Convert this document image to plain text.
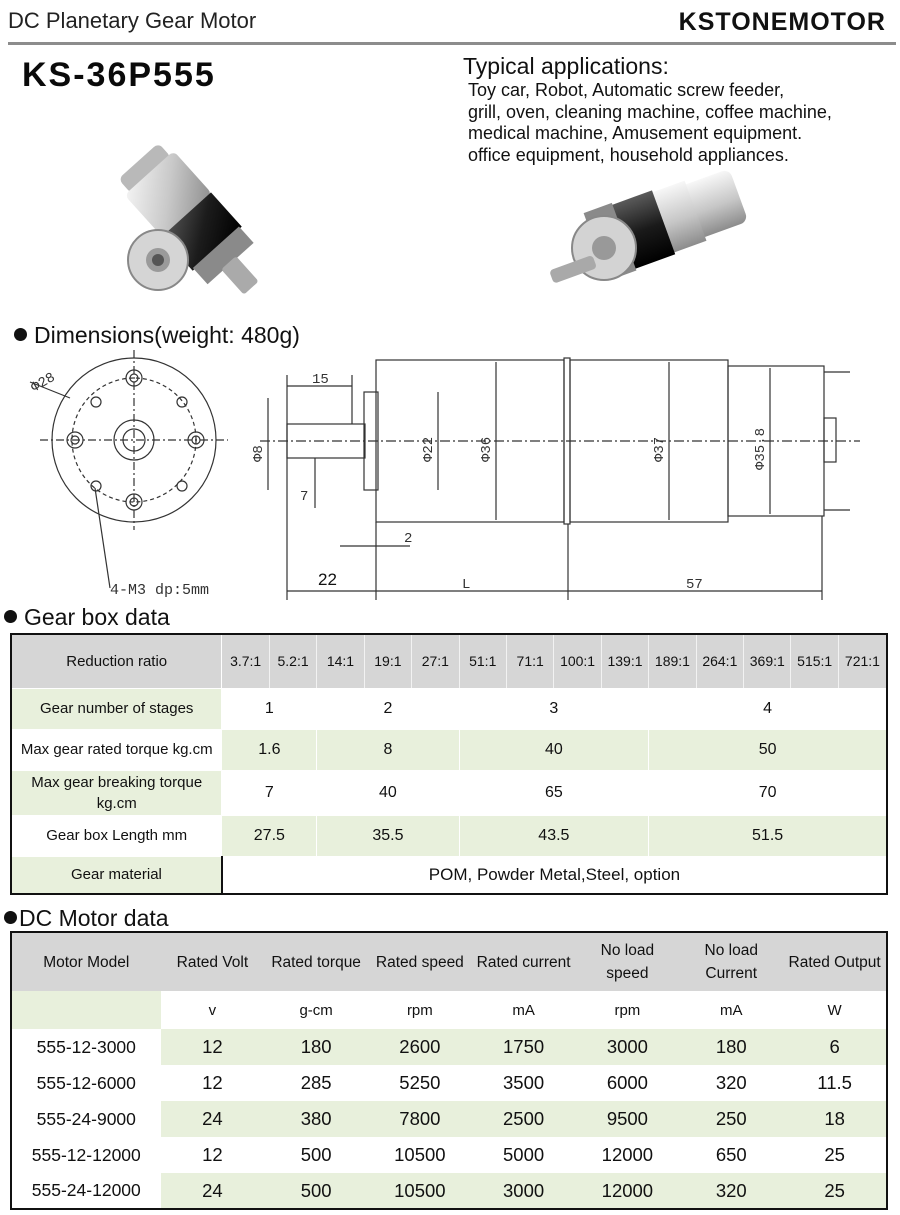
DC Planetary Gear Motor	KSTONEMOTOR
KS-36P555	Typical applications:
Toy car, Robot, Automatic screw feeder,
grill, oven, cleaning machine, coffee machine,
medical machine, Amusement equipment.
office equipment, household appliances.
Dimensions(weight: 480g)
Φ28
4-M3 dp:5mm
15
Φ8
7
Φ22	Φ36	Φ37	Φ35.8
2
22	L	57
Gear box data
Reduction ratio	3.7:1	5.2:1	14:1	19:1	27:1	51:1	71:1	100:1	139:1	189:1	264:1	369:1	515:1	721:1
Gear number of stages	1		2			3				4				
Max gear rated torque kg.cm	1.6		8			40				50				
Max gear breaking torque kg.cm	7		40			65				70				
Gear box Length mm	27.5		35.5			43.5				51.5				
Gear material	POM, Powder Metal,Steel, option													
DC Motor data
Motor Model	Rated Volt	Rated torque	Rated speed	Rated current	No load speed	No load Current	Rated Output
	v	g-cm	rpm	mA	rpm	mA	W
555-12-3000	12	180	2600	1750	3000	180	6
555-12-6000	12	285	5250	3500	6000	320	11.5
555-24-9000	24	380	7800	2500	9500	250	18
555-12-12000	12	500	10500	5000	12000	650	25
555-24-12000	24	500	10500	3000	12000	320	25
